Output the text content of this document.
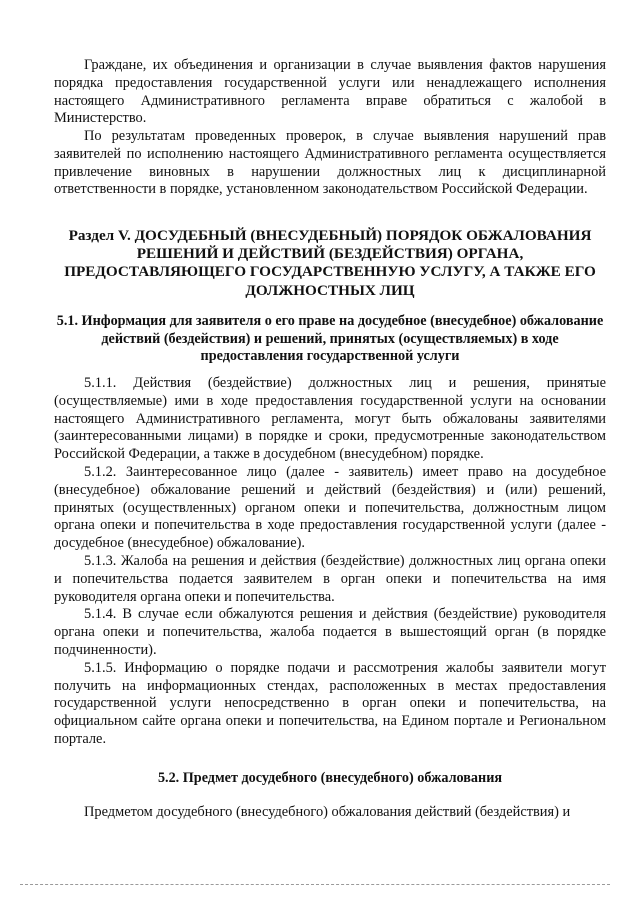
Граждане, их объединения и организации в случае выявления фактов нарушения порядка предоставления государственной услуги или ненадлежащего исполнения настоящего Административного регламента вправе обратиться с жалобой в Министерство.

По результатам проведенных проверок, в случае выявления нарушений прав заявителей по исполнению настоящего Административного регламента осуществляется привлечение виновных в нарушении должностных лиц к дисциплинарной ответственности в порядке, установленном законодательством Российской Федерации.

Раздел V. ДОСУДЕБНЫЙ (ВНЕСУДЕБНЫЙ) ПОРЯДОК ОБЖАЛОВАНИЯ РЕШЕНИЙ И ДЕЙСТВИЙ (БЕЗДЕЙСТВИЯ) ОРГАНА, ПРЕДОСТАВЛЯЮЩЕГО ГОСУДАРСТВЕННУЮ УСЛУГУ, А ТАКЖЕ ЕГО ДОЛЖНОСТНЫХ ЛИЦ
5.1. Информация для заявителя о его праве на досудебное (внесудебное) обжалование действий (бездействия) и решений, принятых (осуществляемых) в ходе предоставления государственной услуги

5.1.1. Действия (бездействие) должностных лиц и решения, принятые (осуществляемые) ими в ходе предоставления государственной услуги на основании настоящего Административного регламента, могут быть обжалованы заявителями (заинтересованными лицами) в порядке и сроки, предусмотренные законодательством Российской Федерации, а также в досудебном (внесудебном) порядке.

5.1.2. Заинтересованное лицо (далее - заявитель) имеет право на досудебное (внесудебное) обжалование решений и действий (бездействия) и (или) решений, принятых (осуществленных) органом опеки и попечительства, должностным лицом органа опеки и попечительства в ходе предоставления государственной услуги (далее - досудебное (внесудебное) обжалование).

5.1.3. Жалоба на решения и действия (бездействие) должностных лиц органа опеки и попечительства подается заявителем в орган опеки и попечительства на имя руководителя органа опеки и попечительства.

5.1.4. В случае если обжалуются решения и действия (бездействие) руководителя органа опеки и попечительства, жалоба подается в вышестоящий орган (в порядке подчиненности).

5.1.5. Информацию о порядке подачи и рассмотрения жалобы заявители могут получить на информационных стендах, расположенных в местах предоставления государственной услуги непосредственно в орган опеки и попечительства, на официальном сайте органа опеки и попечительства, на Едином портале и Региональном портале.

5.2. Предмет досудебного (внесудебного) обжалования

Предметом досудебного (внесудебного) обжалования действий (бездействия) и
